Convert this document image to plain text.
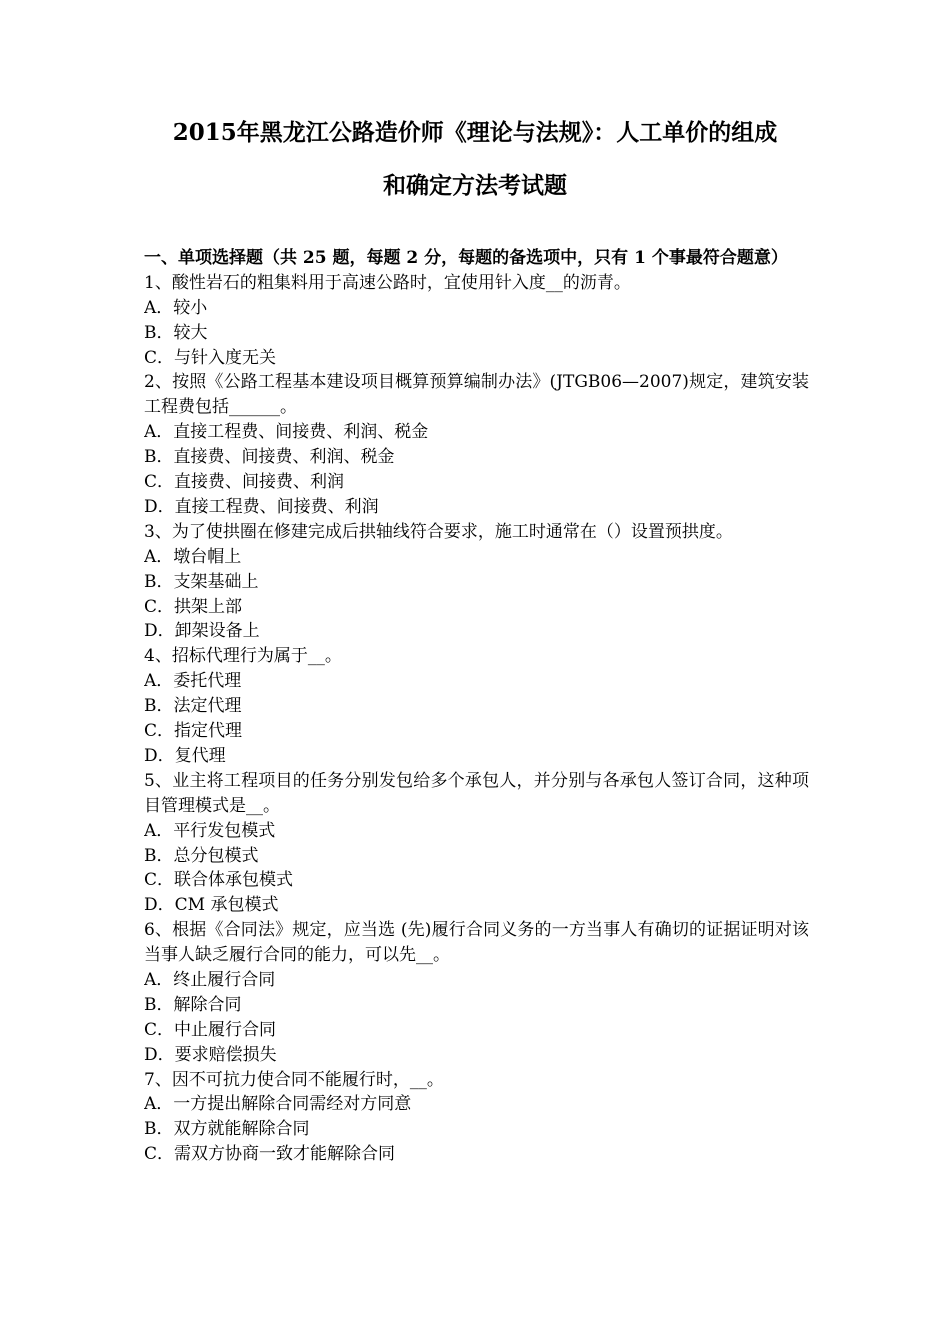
2015年黑龙江公路造价师《理论与法规》：人工单价的组成
和确定方法考试题
一、单项选择题（共 25 题，每题 2 分，每题的备选项中，只有 1 个事最符合题意）
1、酸性岩石的粗集料用于高速公路时，宜使用针入度__的沥青。
A．较小
B．较大
C．与针入度无关
2、按照《公路工程基本建设项目概算预算编制办法》(JTGB06—2007)规定，建筑安装工程费包括______。
A．直接工程费、间接费、利润、税金
B．直接费、间接费、利润、税金
C．直接费、间接费、利润
D．直接工程费、间接费、利润
3、为了使拱圈在修建完成后拱轴线符合要求，施工时通常在（）设置预拱度。
A．墩台帽上
B．支架基础上
C．拱架上部
D．卸架设备上
4、招标代理行为属于__。
A．委托代理
B．法定代理
C．指定代理
D．复代理
5、业主将工程项目的任务分别发包给多个承包人，并分别与各承包人签订合同，这种项目管理模式是__。
A．平行发包模式
B．总分包模式
C．联合体承包模式
D．CM 承包模式
6、根据《合同法》规定，应当选 (先)履行合同义务的一方当事人有确切的证据证明对该当事人缺乏履行合同的能力，可以先__。
A．终止履行合同
B．解除合同
C．中止履行合同
D．要求赔偿损失
7、因不可抗力使合同不能履行时，__。
A．一方提出解除合同需经对方同意
B．双方就能解除合同
C．需双方协商一致才能解除合同
